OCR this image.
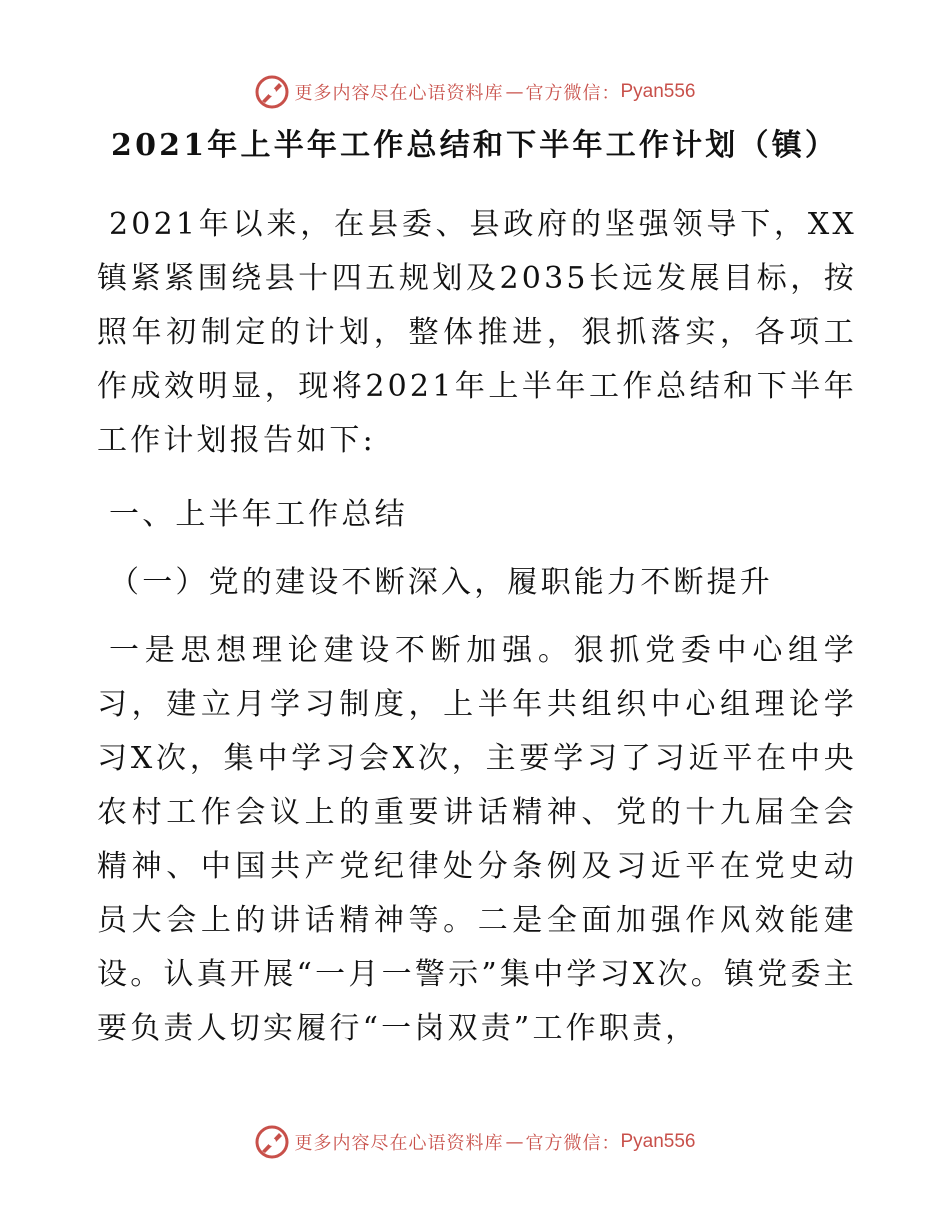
更多内容尽在心语资料库 — 官方微信： Pyan556
2021年上半年工作总结和下半年工作计划（镇）

2021年以来，在县委、县政府的坚强领导下，XX镇紧紧围绕县十四五规划及2035长远发展目标，按照年初制定的计划，整体推进，狠抓落实，各项工作成效明显，现将2021年上半年工作总结和下半年工作计划报告如下:

一、上半年工作总结

（一）党的建设不断深入，履职能力不断提升

一是思想理论建设不断加强。狠抓党委中心组学习，建立月学习制度，上半年共组织中心组理论学习X次，集中学习会X次，主要学习了习近平在中央农村工作会议上的重要讲话精神、党的十九届全会精神、中国共产党纪律处分条例及习近平在党史动员大会上的讲话精神等。二是全面加强作风效能建设。认真开展“一月一警示”集中学习X次。镇党委主要负责人切实履行“一岗双责”工作职责，

更多内容尽在心语资料库 — 官方微信： Pyan556
